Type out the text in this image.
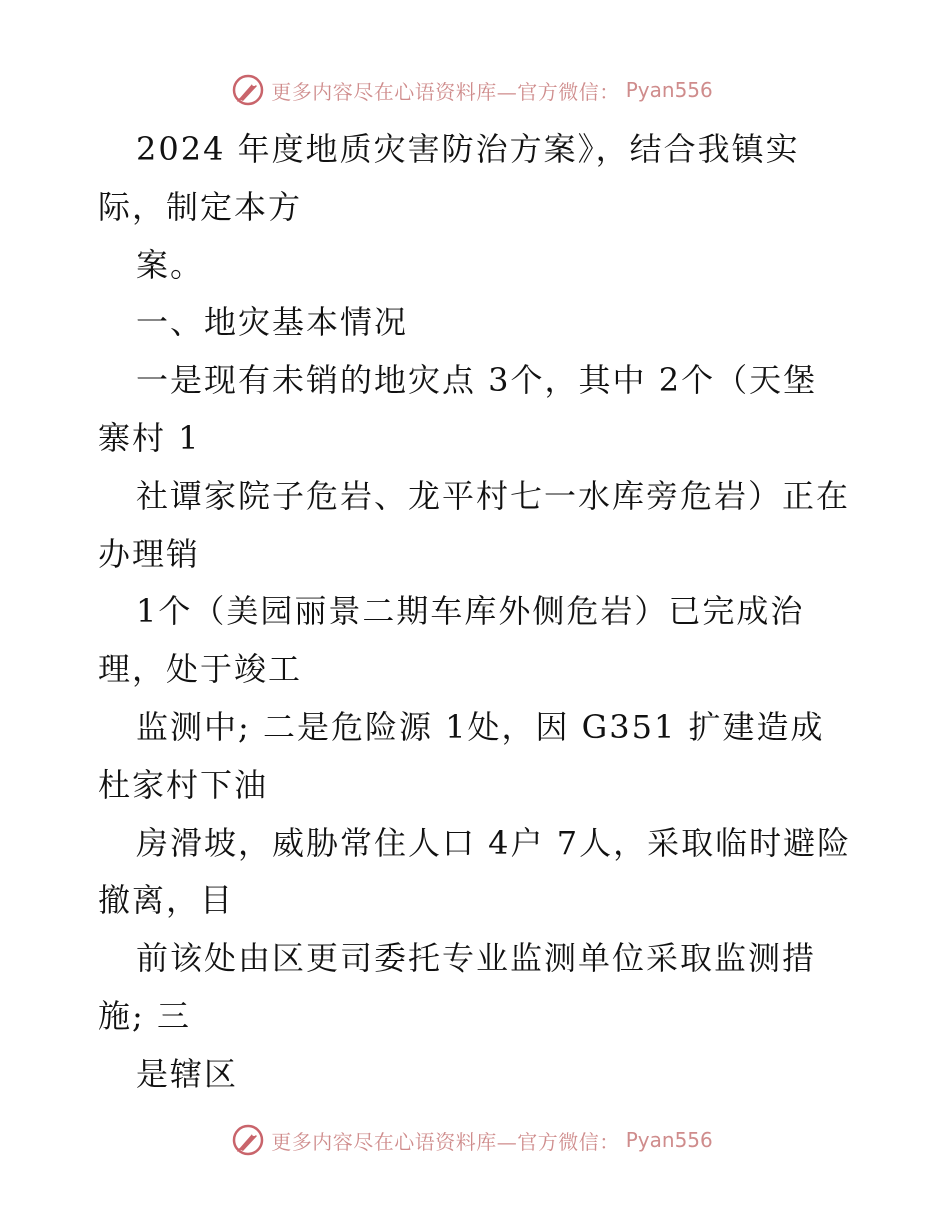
更多内容尽在心语资料库—官方微信： Pyan556
2024 年度地质灾害防治方案》，结合我镇实
际，制定本方
案。
一、地灾基本情况
一是现有未销的地灾点 3个，其中 2个（天堡
寨村 1
社谭家院子危岩、龙平村七一水库旁危岩）正在
办理销
1个（美园丽景二期车库外侧危岩）已完成治
理，处于竣工
监测中; 二是危险源 1处，因 G351 扩建造成
杜家村下油
房滑坡，威胁常住人口 4户 7人，采取临时避险
撤离，目
前该处由区更司委托专业监测单位采取监测措
施; 三
是辖区
更多内容尽在心语资料库—官方微信： Pyan556
